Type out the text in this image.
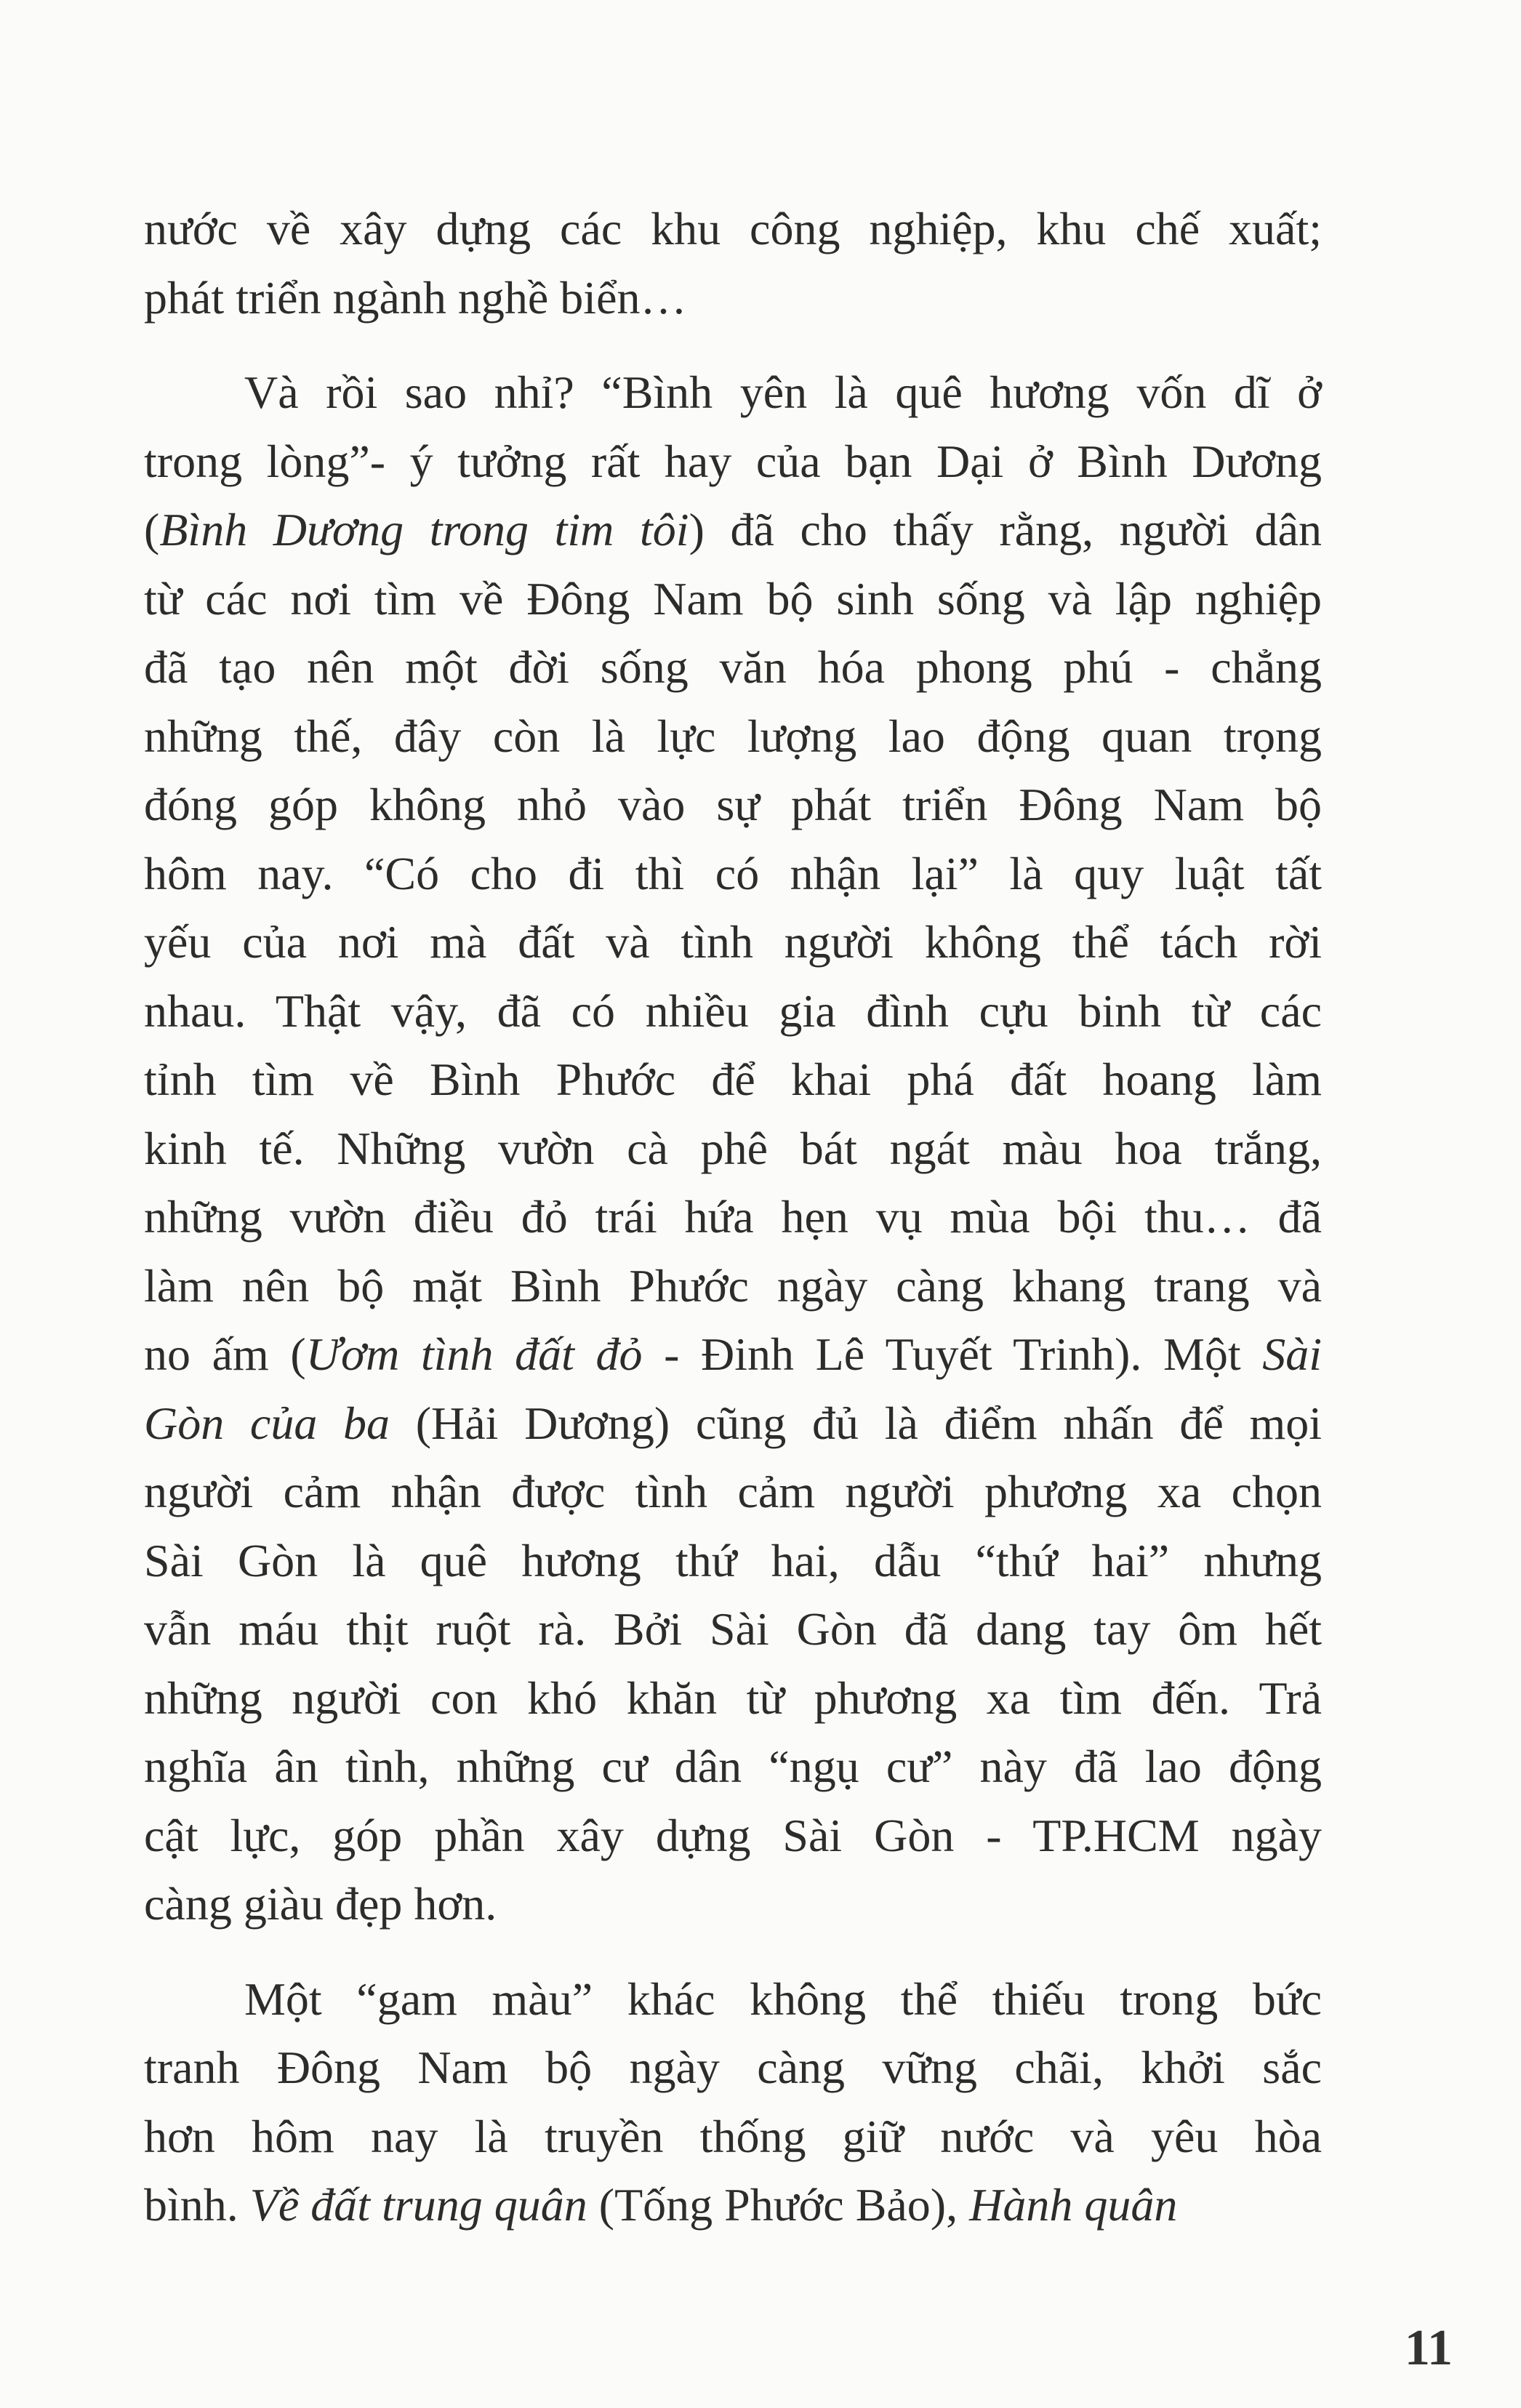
nước về xây dựng các khu công nghiệp, khu chế xuất;
phát triển ngành nghề biển…

Và rồi sao nhỉ? “Bình yên là quê hương vốn dĩ ở
trong lòng”- ý tưởng rất hay của bạn Dại ở Bình Dương
(Bình Dương trong tim tôi) đã cho thấy rằng, người dân
từ các nơi tìm về Đông Nam bộ sinh sống và lập nghiệp
đã tạo nên một đời sống văn hóa phong phú - chẳng
những thế, đây còn là lực lượng lao động quan trọng
đóng góp không nhỏ vào sự phát triển Đông Nam bộ
hôm nay. “Có cho đi thì có nhận lại” là quy luật tất
yếu của nơi mà đất và tình người không thể tách rời
nhau. Thật vậy, đã có nhiều gia đình cựu binh từ các
tỉnh tìm về Bình Phước để khai phá đất hoang làm
kinh tế. Những vườn cà phê bát ngát màu hoa trắng,
những vườn điều đỏ trái hứa hẹn vụ mùa bội thu… đã
làm nên bộ mặt Bình Phước ngày càng khang trang và
no ấm (Ươm tình đất đỏ - Đinh Lê Tuyết Trinh). Một Sài
Gòn của ba (Hải Dương) cũng đủ là điểm nhấn để mọi
người cảm nhận được tình cảm người phương xa chọn
Sài Gòn là quê hương thứ hai, dẫu “thứ hai” nhưng
vẫn máu thịt ruột rà. Bởi Sài Gòn đã dang tay ôm hết
những người con khó khăn từ phương xa tìm đến. Trả
nghĩa ân tình, những cư dân “ngụ cư” này đã lao động
cật lực, góp phần xây dựng Sài Gòn - TP.HCM ngày
càng giàu đẹp hơn.

Một “gam màu” khác không thể thiếu trong bức
tranh Đông Nam bộ ngày càng vững chãi, khởi sắc
hơn hôm nay là truyền thống giữ nước và yêu hòa
bình. Về đất trung quân (Tống Phước Bảo), Hành quân

11
